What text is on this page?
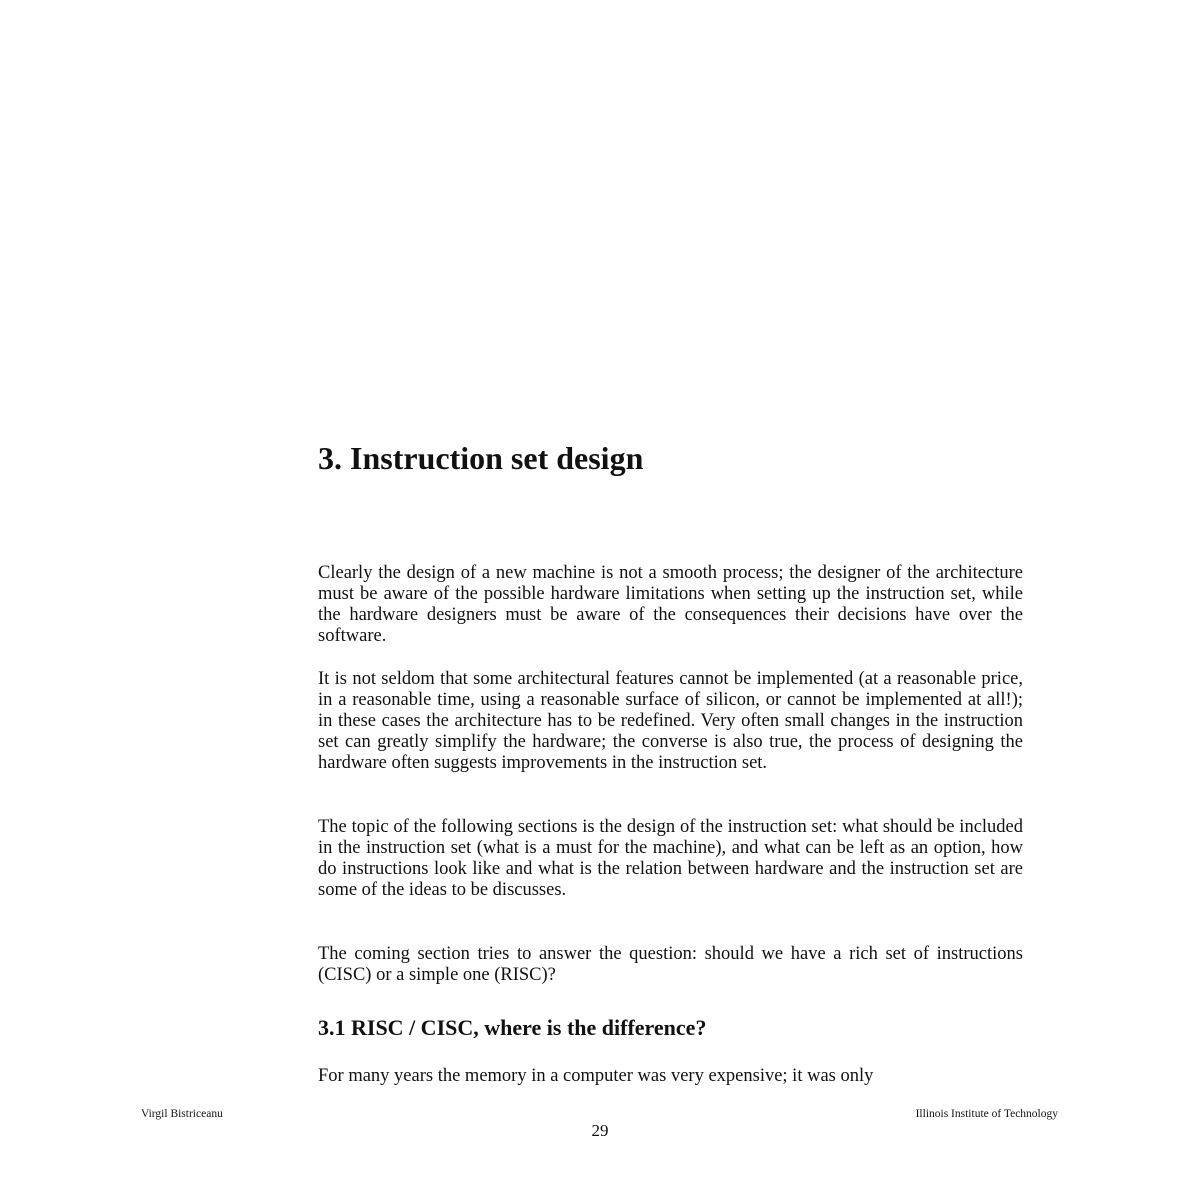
3. Instruction set design

Clearly the design of a new machine is not a smooth process; the designer of the architecture must be aware of the possible hardware limitations when setting up the instruction set, while the hardware designers must be aware of the consequences their decisions have over the software.

It is not seldom that some architectural features cannot be implemented (at a reasonable price, in a reasonable time, using a reasonable surface of silicon, or cannot be implemented at all!); in these cases the architecture has to be redefined. Very often small changes in the instruction set can greatly simplify the hardware; the converse is also true, the process of designing the hardware often suggests improvements in the instruction set.

The topic of the following sections is the design of the instruction set: what should be included in the instruction set (what is a must for the machine), and what can be left as an option, how do instructions look like and what is the relation between hardware and the instruction set are some of the ideas to be discusses.

The coming section tries to answer the question: should we have a rich set of instructions (CISC) or a simple one (RISC)?

3.1 RISC / CISC, where is the difference?

For many years the memory in a computer was very expensive; it was only

Virgil Bistriceanu	Illinois Institute of Technology
29
